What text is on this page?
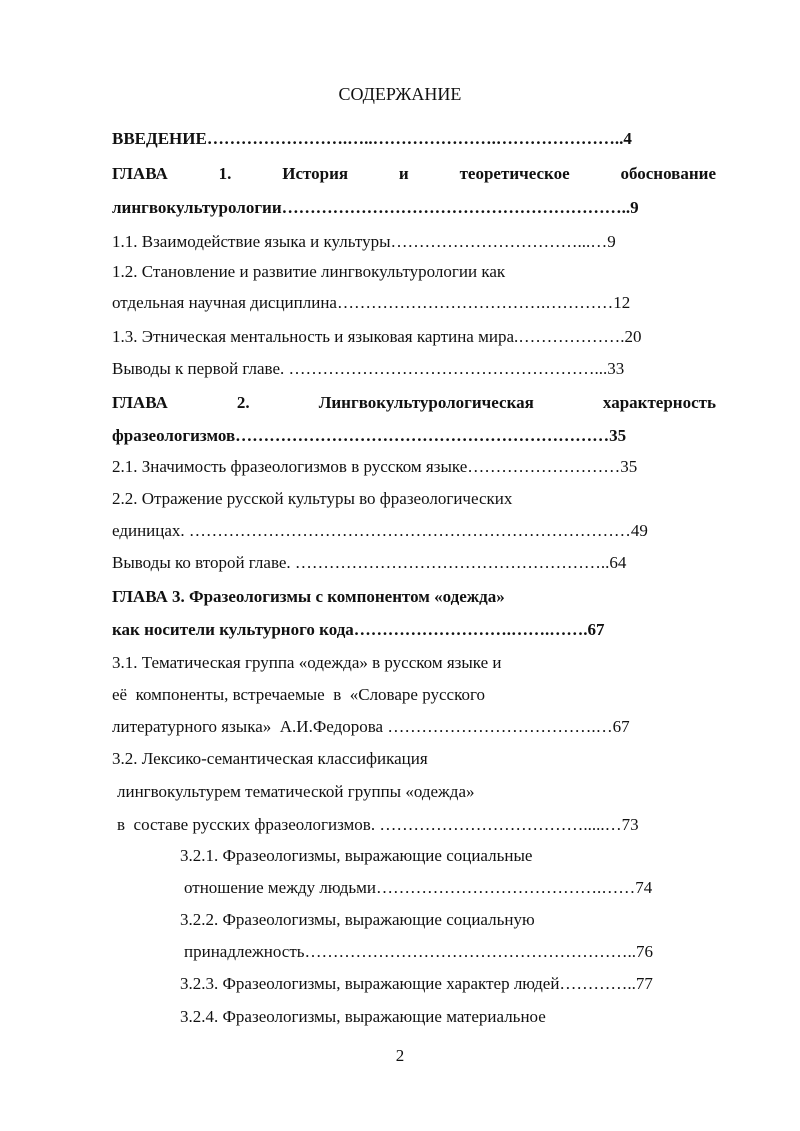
СОДЕРЖАНИЕ

ВВЕДЕНИЕ…………………….…..………………….…………………..4

ГЛАВА	1.	История	и	теоретическое	обоснование

лингвокультурологии……………………………………………………..9

1.1. Взаимодействие языка и культуры……………………………...…9

1.2. Становление и развитие лингвокультурологии как

отдельная научная дисциплина……………………………….…………12

1.3. Этническая ментальность и языковая картина мира.……………….20

Выводы к первой главе. ………………………………………………...33

ГЛАВА	2.	Лингвокультурологическая	характерность

фразеологизмов…………………………………………………………35

2.1. Значимость фразеологизмов в русском языке………………………35

2.2. Отражение русской культуры во фразеологических

единицах. ……………………………………………………………………49

Выводы ко второй главе. ………………………………………………..64

ГЛАВА 3. Фразеологизмы с компонентом «одежда»

как носители культурного кода……………………….…….…….67

3.1. Тематическая группа «одежда» в русском языке и

её  компоненты, встречаемые  в  «Словаре русского

литературного языка»  А.И.Федорова ……………………………….…67

3.2. Лексико-семантическая классификация

лингвокультурем тематической группы «одежда»

в  составе русских фразеологизмов. ……………………………….....…73

3.2.1. Фразеологизмы, выражающие социальные

отношение между людьми………………………………….……74

3.2.2. Фразеологизмы, выражающие социальную

принадлежность…………………………………………………..76

3.2.3. Фразеологизмы, выражающие характер людей…………..77

3.2.4. Фразеологизмы, выражающие материальное

2
